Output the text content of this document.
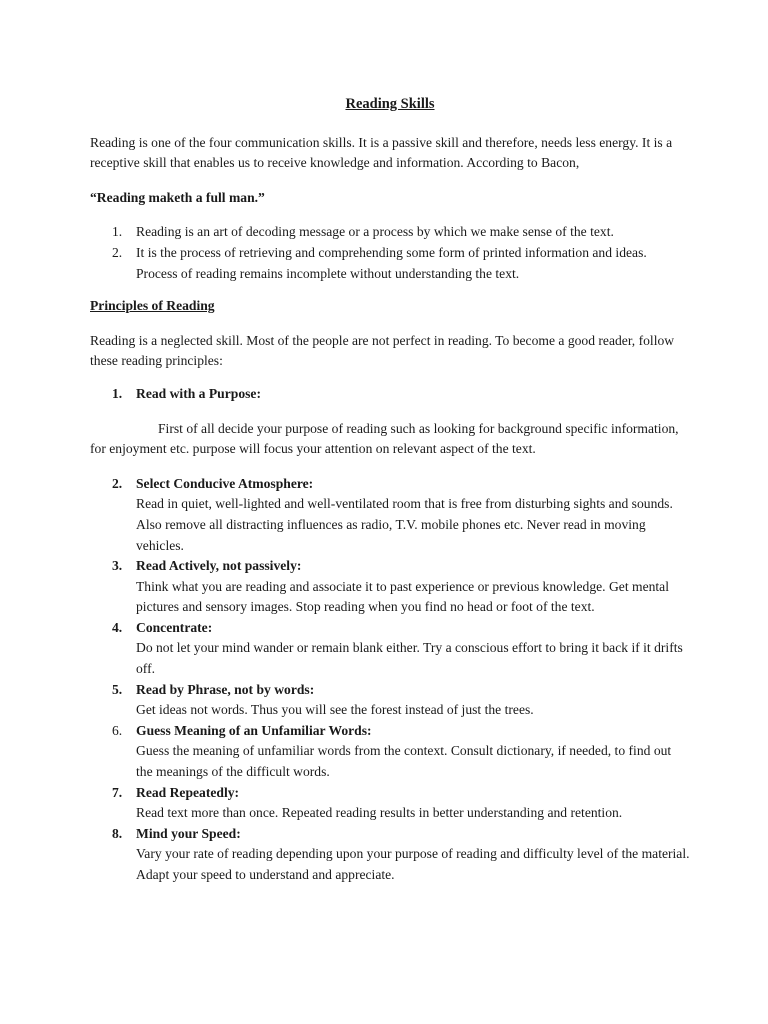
Reading Skills

Reading is one of the four communication skills. It is a passive skill and therefore, needs less energy. It is a receptive skill that enables us to receive knowledge and information. According to Bacon,

“Reading maketh a full man.”

1. Reading is an art of decoding message or a process by which we make sense of the text.
2. It is the process of retrieving and comprehending some form of printed information and ideas. Process of reading remains incomplete without understanding the text.
Principles of Reading

Reading is a neglected skill. Most of the people are not perfect in reading. To become a good reader, follow these reading principles:

1. Read with a Purpose:

First of all decide your purpose of reading such as looking for background specific information, for enjoyment etc. purpose will focus your attention on relevant aspect of the text.

2. Select Conducive Atmosphere:
Read in quiet, well-lighted and well-ventilated room that is free from disturbing sights and sounds. Also remove all distracting influences as radio, T.V. mobile phones etc. Never read in moving vehicles.
3. Read Actively, not passively:
Think what you are reading and associate it to past experience or previous knowledge. Get mental pictures and sensory images. Stop reading when you find no head or foot of the text.
4. Concentrate:
Do not let your mind wander or remain blank either. Try a conscious effort to bring it back if it drifts off.
5. Read by Phrase, not by words:
Get ideas not words. Thus you will see the forest instead of just the trees.
6. Guess Meaning of an Unfamiliar Words:
Guess the meaning of unfamiliar words from the context. Consult dictionary, if needed, to find out the meanings of the difficult words.
7. Read Repeatedly:
Read text more than once. Repeated reading results in better understanding and retention.
8. Mind your Speed:
Vary your rate of reading depending upon your purpose of reading and difficulty level of the material. Adapt your speed to understand and appreciate.
